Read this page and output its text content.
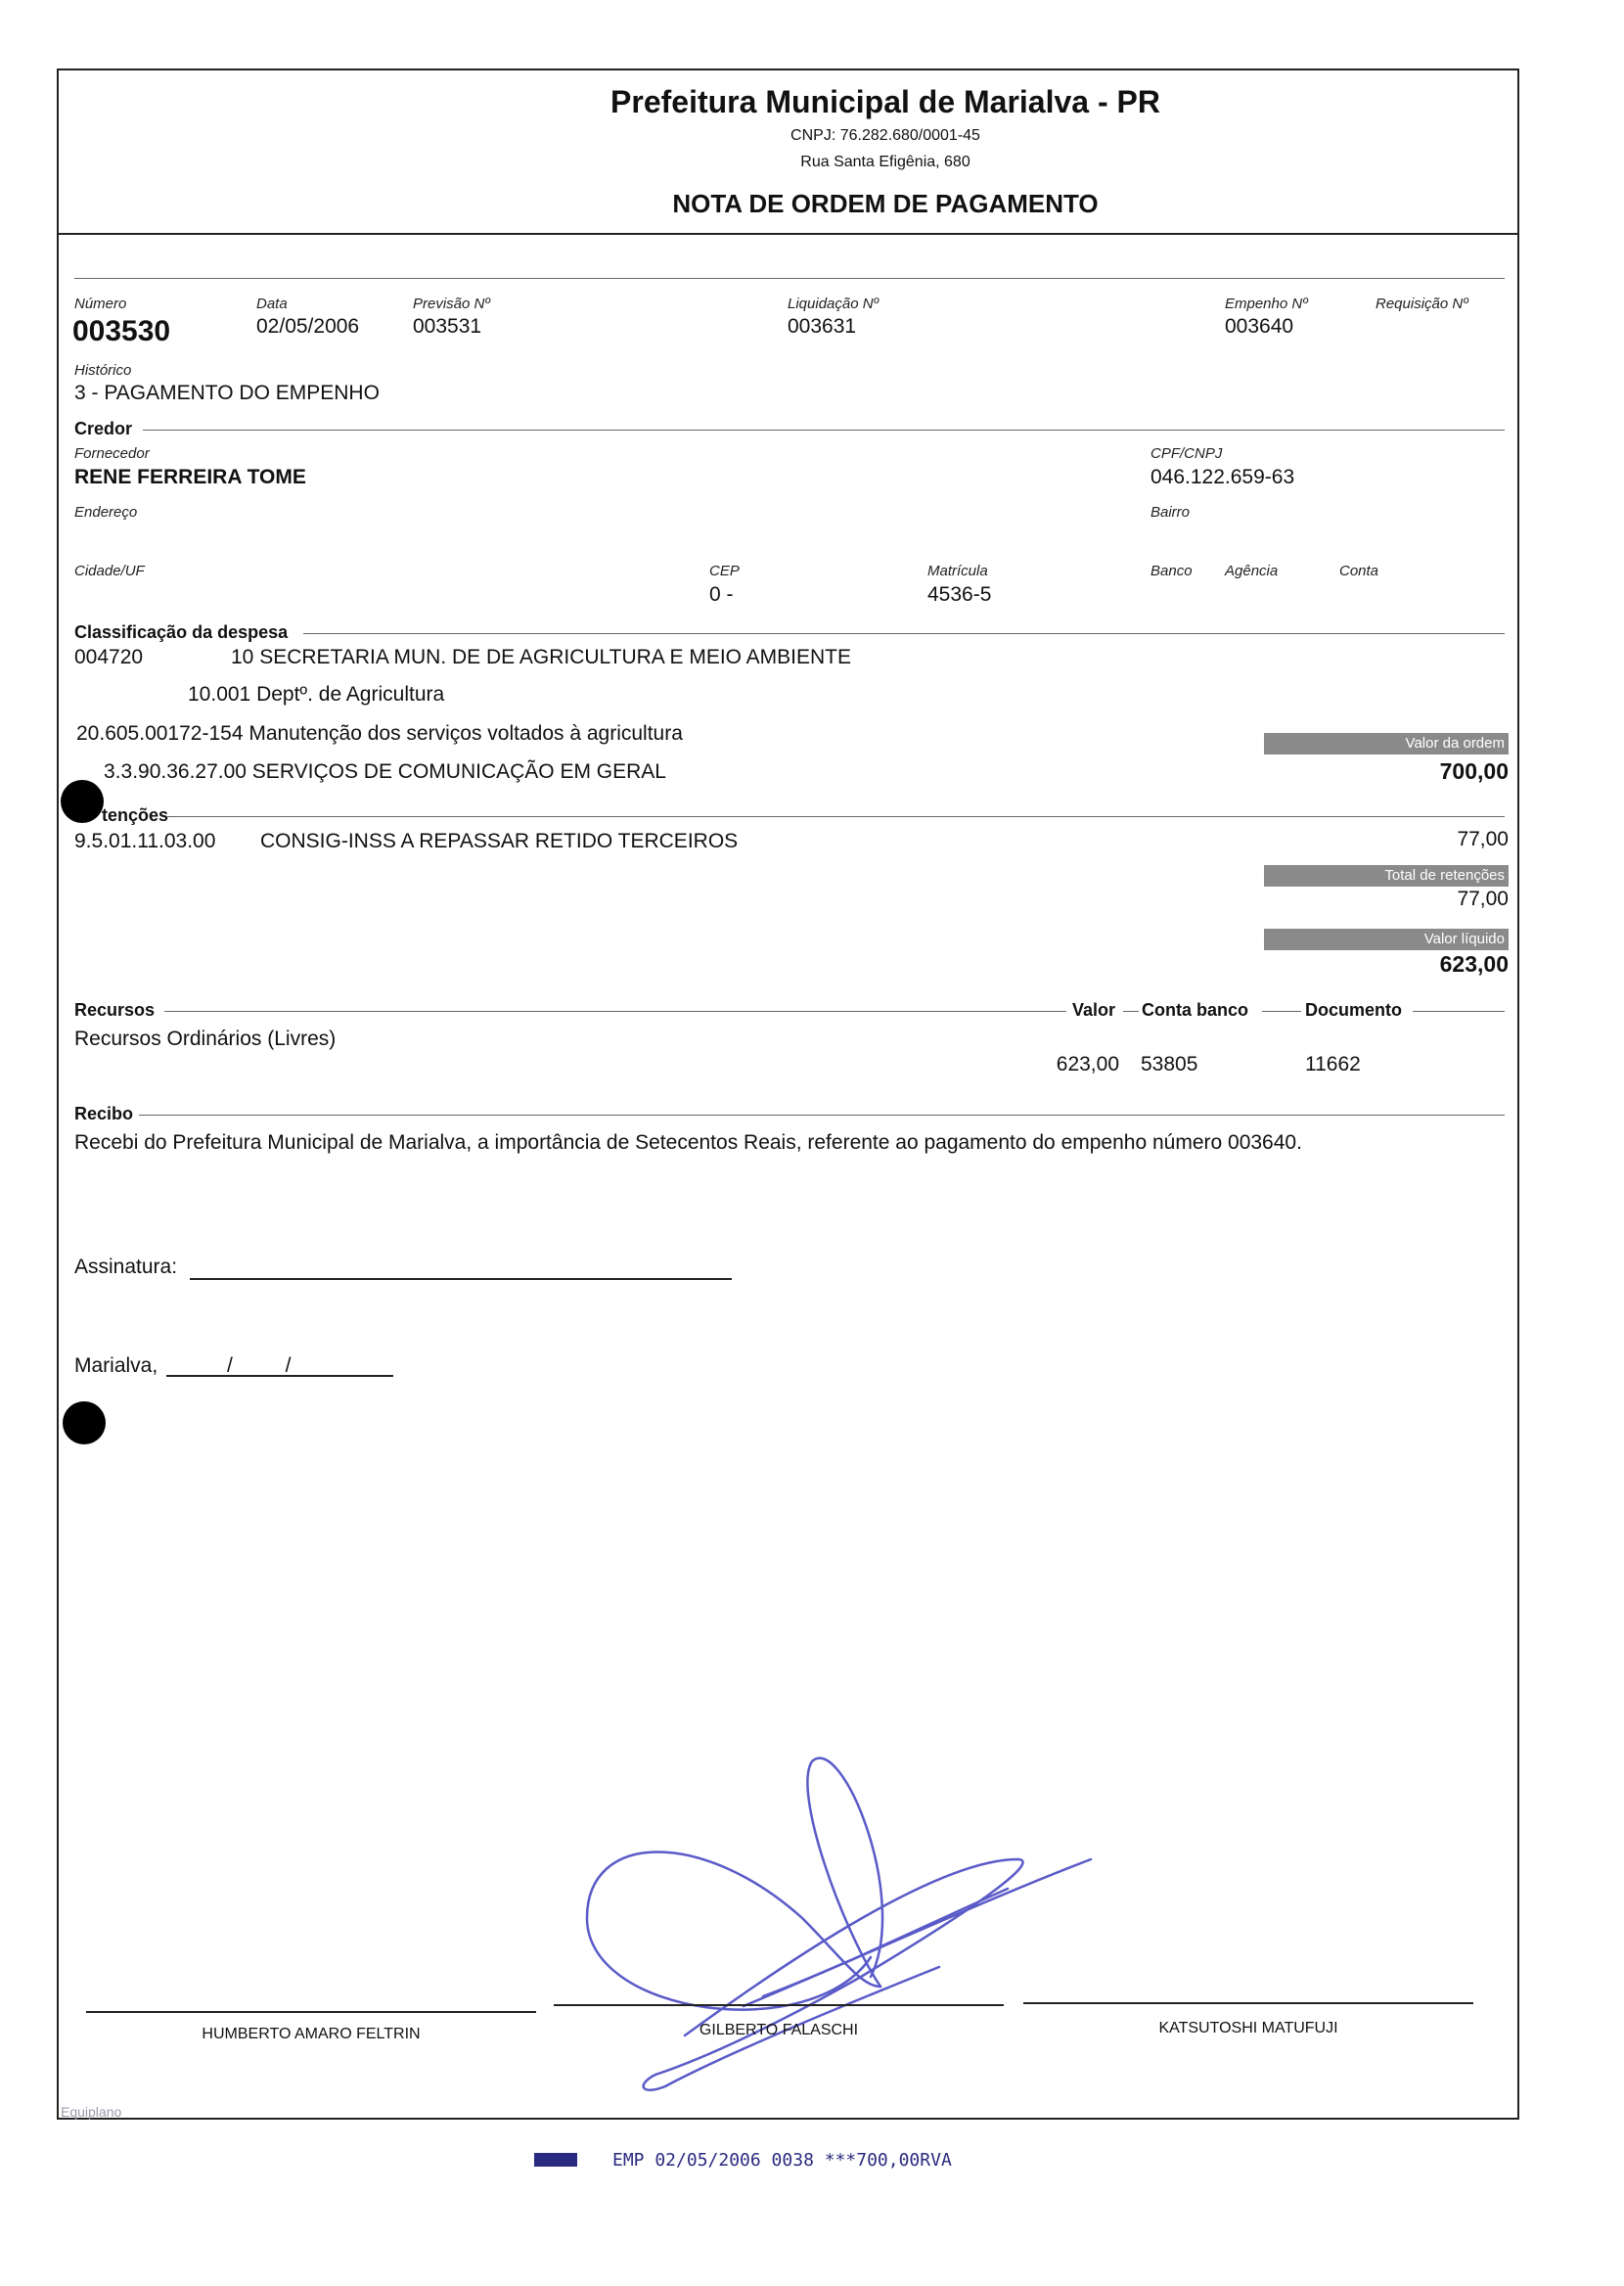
Prefeitura Municipal de Marialva - PR
CNPJ: 76.282.680/0001-45
Rua Santa Efigênia, 680
NOTA DE ORDEM DE PAGAMENTO
Número
003530
Data
02/05/2006
Previsão Nº
003531
Liquidação Nº
003631
Empenho Nº
003640
Requisição Nº
Histórico
3 - PAGAMENTO DO EMPENHO
Credor
Fornecedor
RENE FERREIRA TOME
CPF/CNPJ
046.122.659-63
Endereço	Bairro
Cidade/UF	CEP
0 -
Matrícula
4536-5
Banco Agência	Conta
Classificação da despesa
004720	10 SECRETARIA MUN. DE DE AGRICULTURA E MEIO AMBIENTE
10.001 Deptº. de Agricultura
20.605.00172-154 Manutenção dos serviços voltados à agricultura
3.3.90.36.27.00 SERVIÇOS DE COMUNICAÇÃO EM GERAL
Valor da ordem
700,00
tenções
9.5.01.11.03.00 CONSIG-INSS A REPASSAR RETIDO TERCEIROS	77,00
Total de retenções
77,00
Valor líquido
623,00
Recursos	Valor Conta banco	Documento
Recursos Ordinários (Livres)
623,00 53805	11662
Recibo
Recebi do Prefeitura Municipal de Marialva, a importância de Setecentos Reais, referente ao pagamento do empenho número 003640.
Assinatura:
Marialva,	/ /
HUMBERTO AMARO FELTRIN	GILBERTO FALASCHI	KATSUTOSHI MATUFUJI
Equiplano
EMP 02/05/2006 0038 ***700,00RVA
